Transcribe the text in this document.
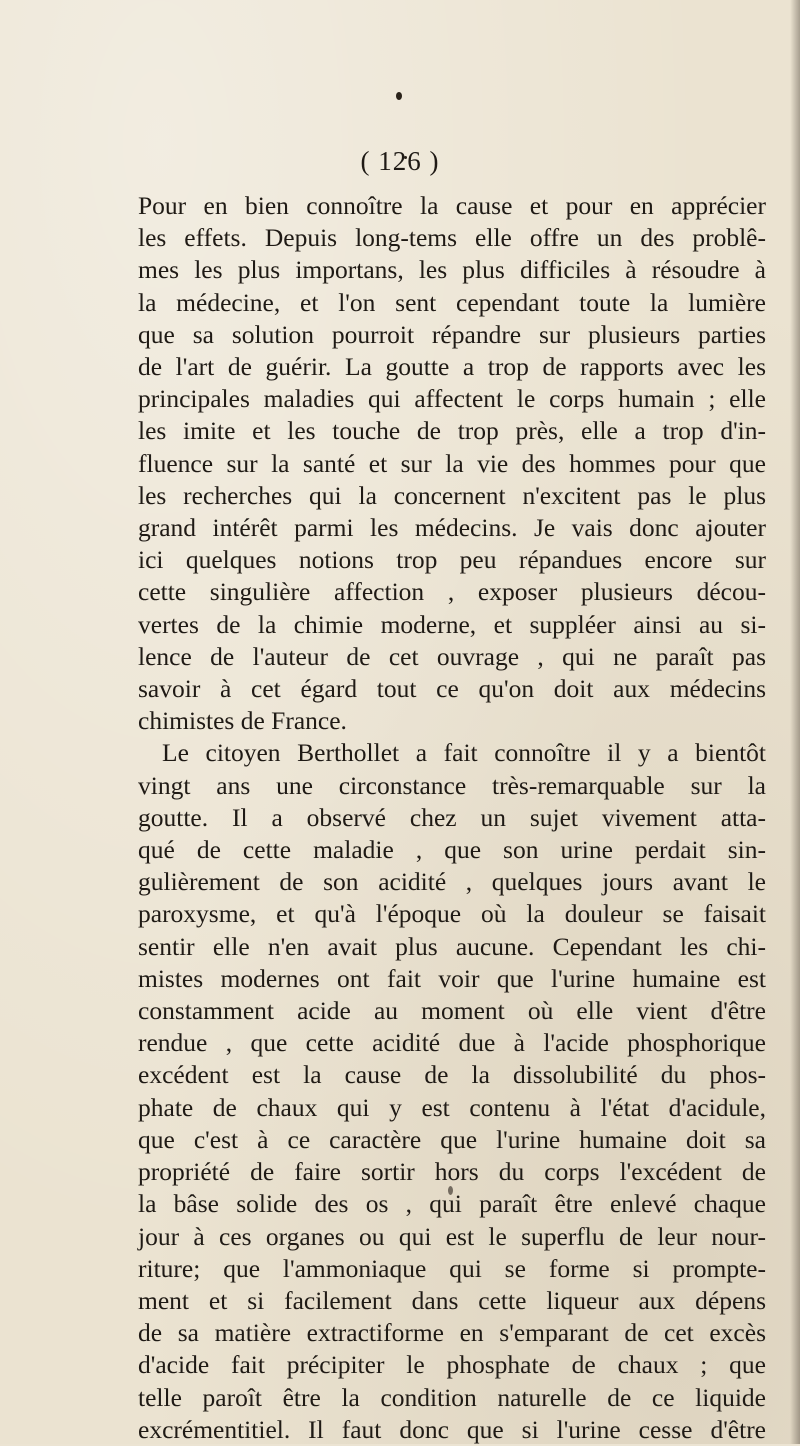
( 126 )
Pour en bien connoître la cause et pour en apprécier
les effets. Depuis long-tems elle offre un des problê-
mes les plus importans, les plus difficiles à résoudre à
la médecine, et l'on sent cependant toute la lumière
que sa solution pourroit répandre sur plusieurs parties
de l'art de guérir. La goutte a trop de rapports avec les
principales maladies qui affectent le corps humain ; elle
les imite et les touche de trop près, elle a trop d'in-
fluence sur la santé et sur la vie des hommes pour que
les recherches qui la concernent n'excitent pas le plus
grand intérêt parmi les médecins. Je vais donc ajouter
ici quelques notions trop peu répandues encore sur
cette singulière affection , exposer plusieurs décou-
vertes de la chimie moderne, et suppléer ainsi au si-
lence de l'auteur de cet ouvrage , qui ne paraît pas
savoir à cet égard tout ce qu'on doit aux médecins
chimistes de France.
Le citoyen Berthollet a fait connoître il y a bientôt
vingt ans une circonstance très-remarquable sur la
goutte. Il a observé chez un sujet vivement atta-
qué de cette maladie , que son urine perdait sin-
gulièrement de son acidité , quelques jours avant le
paroxysme, et qu'à l'époque où la douleur se faisait
sentir elle n'en avait plus aucune. Cependant les chi-
mistes modernes ont fait voir que l'urine humaine est
constamment acide au moment où elle vient d'être
rendue , que cette acidité due à l'acide phosphorique
excédent est la cause de la dissolubilité du phos-
phate de chaux qui y est contenu à l'état d'acidule,
que c'est à ce caractère que l'urine humaine doit sa
propriété de faire sortir hors du corps l'excédent de
la bâse solide des os , qui paraît être enlevé chaque
jour à ces organes ou qui est le superflu de leur nour-
riture; que l'ammoniaque qui se forme si prompte-
ment et si facilement dans cette liqueur aux dépens
de sa matière extractiforme en s'emparant de cet excès
d'acide fait précipiter le phosphate de chaux ; que
telle paroît être la condition naturelle de ce liquide
excrémentitiel. Il faut donc que si l'urine cesse d'être
